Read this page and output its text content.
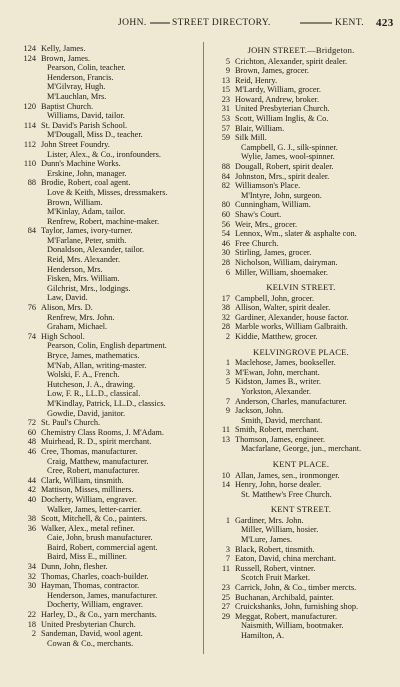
JOHN.	STREET DIRECTORY.	KENT. 423
124 Kelly, James.
124 Brown, James.
Pearson, Colin, teacher.
Henderson, Francis.
M'Gilvray, Hugh.
M'Lauchlan, Mrs.
120 Baptist Church.
Williams, David, tailor.
114 St. David's Parish School.
M'Dougall, Miss D., teacher.
112 John Street Foundry.
Lister, Alex., & Co., ironfounders.
110 Dunn's Machine Works.
Erskine, John, manager.
88 Brodie, Robert, coal agent.
Love & Keith, Misses, dressmakers.
Brown, William.
M'Kinlay, Adam, tailor.
Renfrew, Robert, machine-maker.
84 Taylor, James, ivory-turner.
M'Farlane, Peter, smith.
Donaldson, Alexander, tailor.
Reid, Mrs. Alexander.
Henderson, Mrs.
Fisken, Mrs. William.
Gilchrist, Mrs., lodgings.
Law, David.
76 Alison, Mrs. D.
Renfrew, Mrs. John.
Graham, Michael.
74 High School.
Pearson, Colin, English department.
Bryce, James, mathematics.
M'Nab, Allan, writing-master.
Wolski, F. A., French.
Hutcheson, J. A., drawing.
Low, F. R., LL.D., classical.
M'Kindlay, Patrick, LL.D., classics.
Gowdie, David, janitor.
72 St. Paul's Church.
60 Chemistry Class Rooms, J. M'Adam.
48 Muirhead, R. D., spirit merchant.
46 Cree, Thomas, manufacturer.
Craig, Matthew, manufacturer.
Cree, Robert, manufacturer.
44 Clark, William, tinsmith.
42 Mattison, Misses, milliners.
40 Docherty, William, engraver.
Walker, James, letter-carrier.
38 Scott, Mitchell, & Co., painters.
36 Walker, Alex., metal refiner.
Caie, John, brush manufacturer.
Baird, Robert, commercial agent.
Baird, Miss E., milliner.
34 Dunn, John, flesher.
32 Thomas, Charles, coach-builder.
30 Hayman, Thomas, contractor.
Henderson, James, manufacturer.
Docherty, William, engraver.
22 Harley, D., & Co., yarn merchants.
18 United Presbyterian Church.
2 Sandeman, David, wool agent.
Cowan & Co., merchants.
JOHN STREET.—Bridgeton.
5 Crichton, Alexander, spirit dealer.
9 Brown, James, grocer.
13 Reid, Henry.
15 M'Lardy, William, grocer.
23 Howard, Andrew, broker.
31 United Presbyterian Church.
53 Scott, William Inglis, & Co.
57 Blair, William.
59 Silk Mill.
Campbell, G. J., silk-spinner.
Wylie, James, wool-spinner.
88 Dougall, Robert, spirit dealer.
84 Johnston, Mrs., spirit dealer.
82 Williamson's Place.
M'Intyre, John, surgeon.
80 Cunningham, William.
60 Shaw's Court.
56 Weir, Mrs., grocer.
54 Lennox, Wm., slater & asphalte con.
46 Free Church.
30 Stirling, James, grocer.
28 Nicholson, William, dairyman.
6 Miller, William, shoemaker.
KELVIN STREET.
17 Campbell, John, grocer.
38 Allison, Walter, spirit dealer.
32 Gardiner, Alexander, house factor.
28 Marble works, William Galbraith.
2 Kiddie, Matthew, grocer.
KELVINGROVE PLACE.
1 Maclehose, James, bookseller.
3 M'Ewan, John, merchant.
5 Kidston, James B., writer.
Yorkston, Alexander.
7 Anderson, Charles, manufacturer.
9 Jackson, John.
Smith, David, merchant.
11 Smith, Robert, merchant.
13 Thomson, James, engineer.
Macfarlane, George, jun., merchant.
KENT PLACE.
10 Allan, James, sen., ironmonger.
14 Henry, John, horse dealer.
St. Matthew's Free Church.
KENT STREET.
1 Gardiner, Mrs. John.
Miller, William, hosier.
M'Lure, James.
3 Black, Robert, tinsmith.
7 Eaton, David, china merchant.
11 Russell, Robert, vintner.
Scotch Fruit Market.
23 Carrick, John, & Co., timber mercts.
25 Buchanan, Archibald, painter.
27 Cruickshanks, John, furnishing shop.
29 Meggat, Robert, manufacturer.
Naismith, William, bootmaker.
Hamilton, A.
